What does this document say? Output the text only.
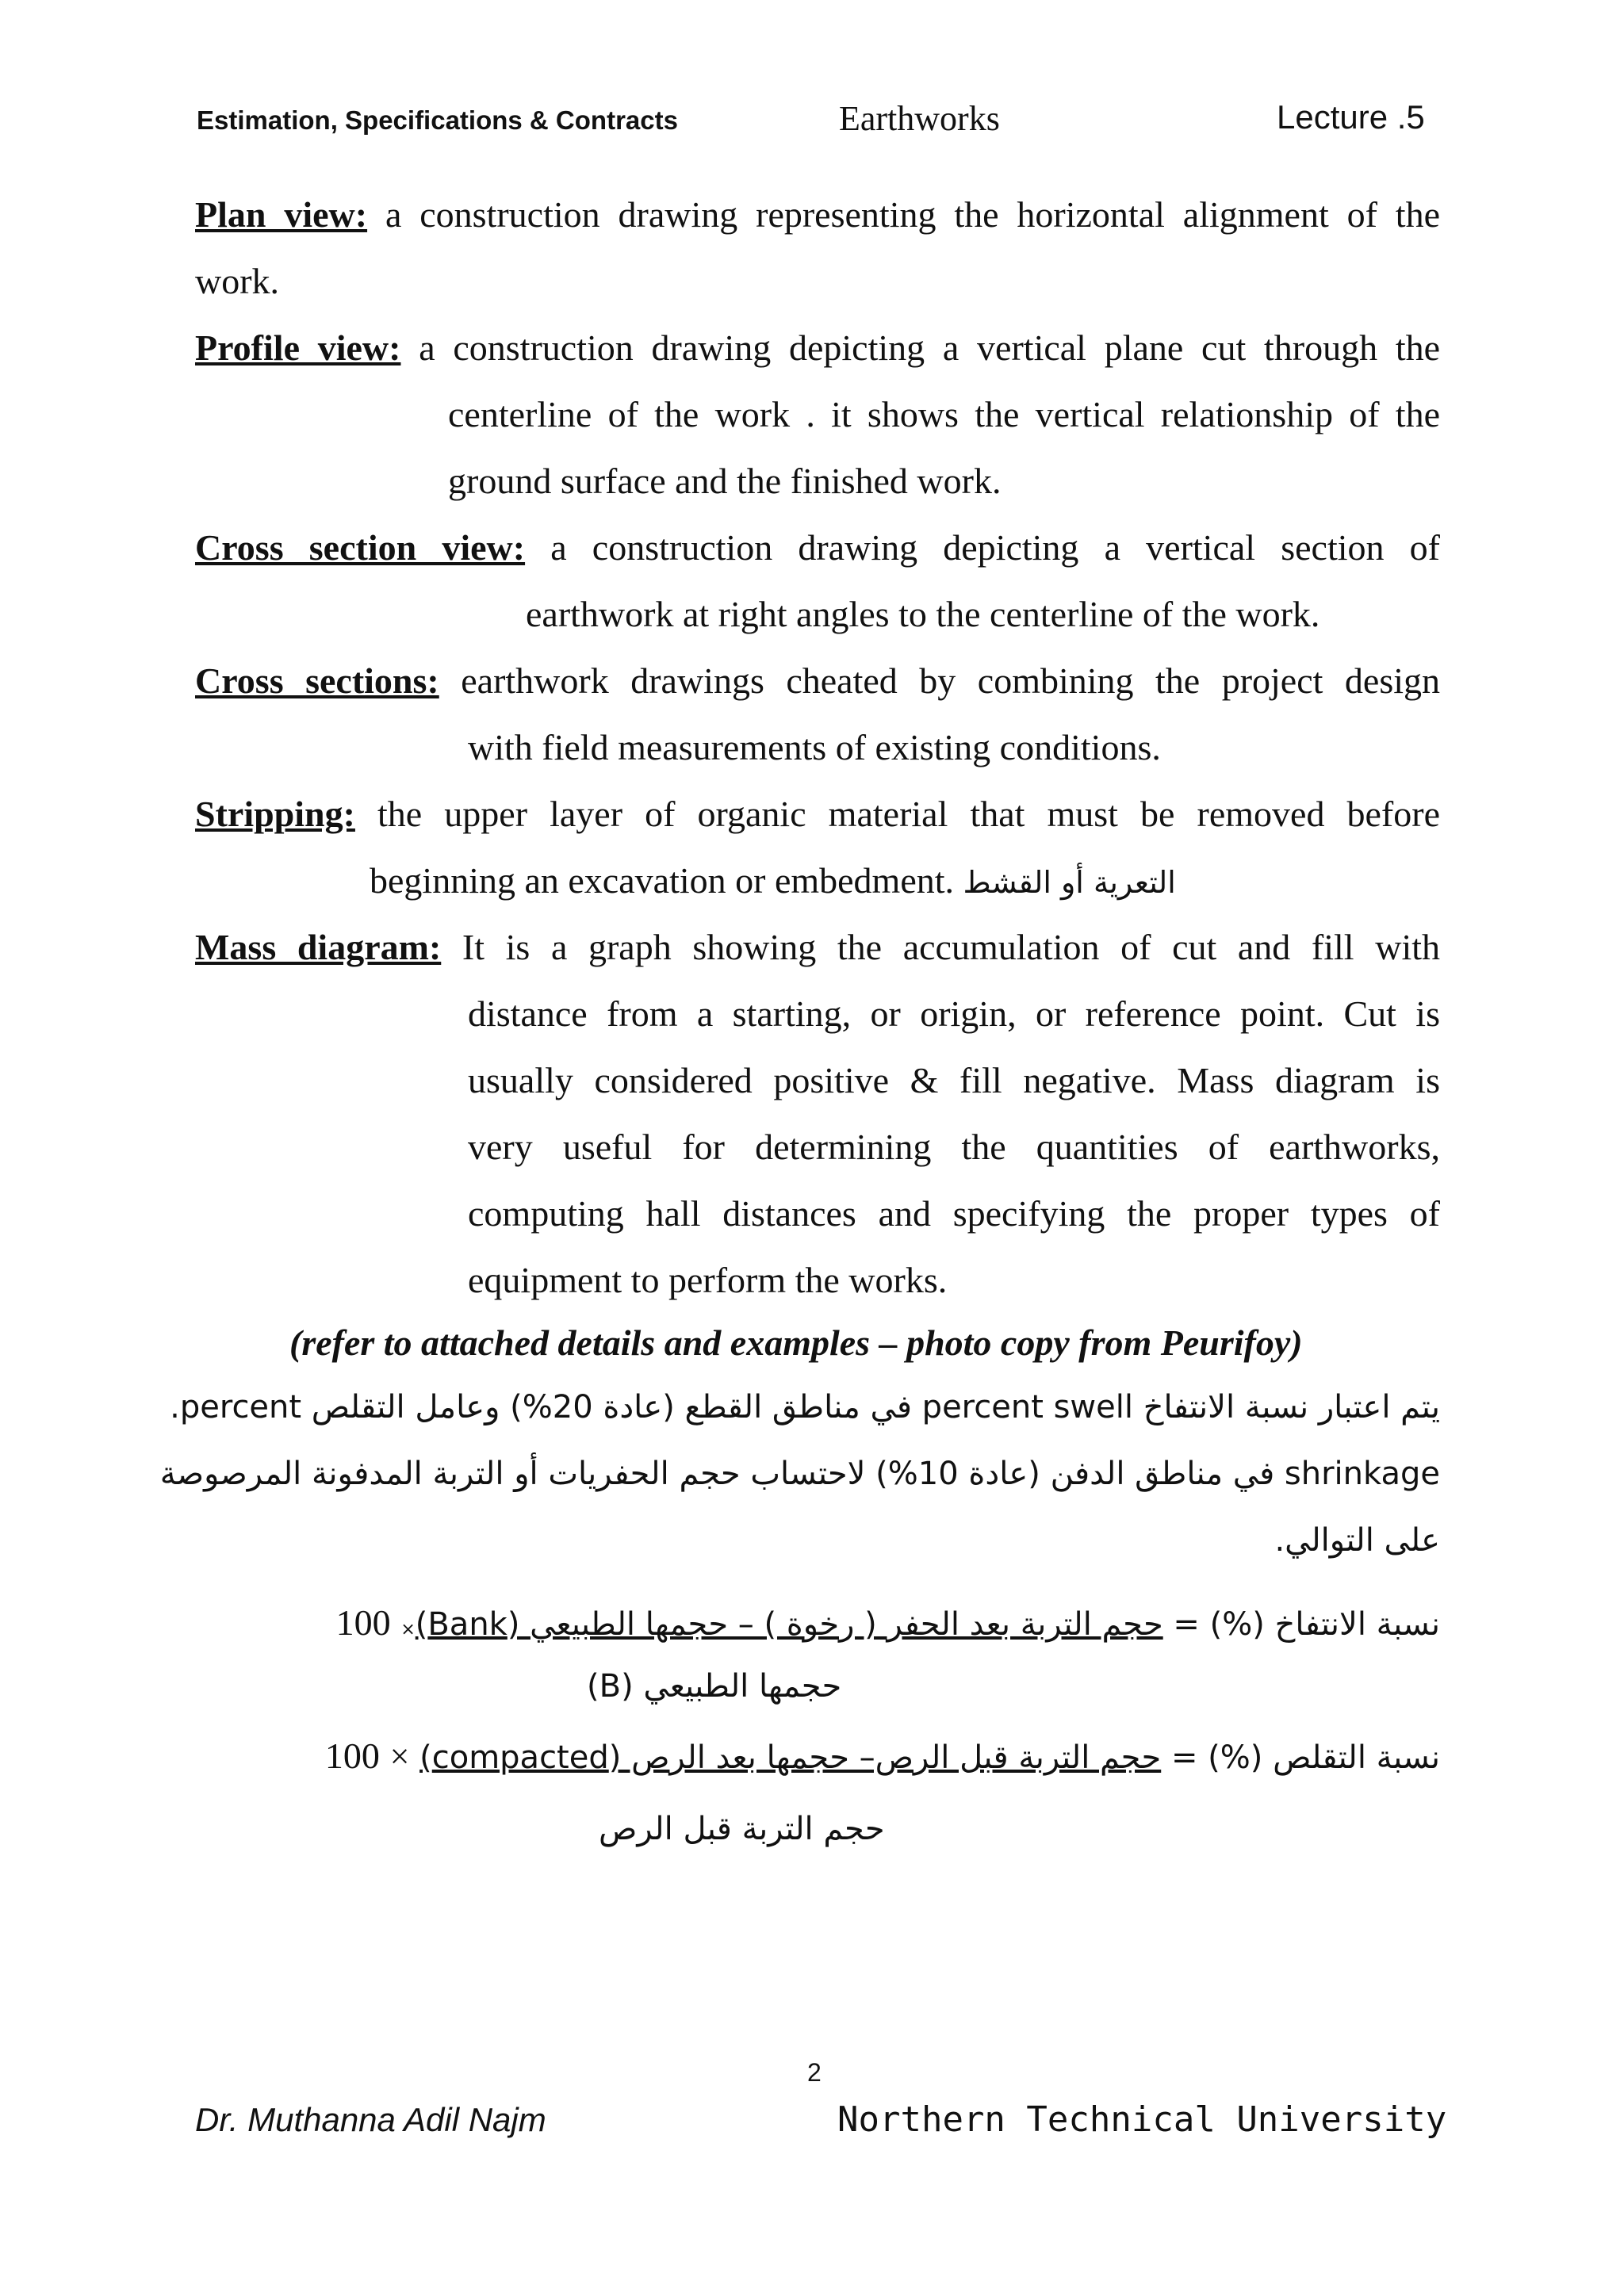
Estimation, Specifications & Contracts	Earthworks	Lecture .5
Plan view: a construction drawing representing the horizontal alignment of the
work.
Profile view: a construction drawing depicting a vertical plane cut through the
centerline of the work . it shows the vertical relationship of the
ground surface and the finished work.
Cross section view: a construction drawing depicting a vertical section of
earthwork at right angles to the centerline of the work.
Cross sections: earthwork drawings cheated by combining the project design
with field measurements of existing conditions.
Stripping: the upper layer of organic material that must be removed before
beginning an excavation or embedment. التعرية أو القشط
Mass diagram: It is a graph showing the accumulation of cut and fill with
distance from a starting, or origin, or reference point. Cut is
usually considered positive & fill negative. Mass diagram is
very useful for determining the quantities of earthworks,
computing hall distances and specifying the proper types of
equipment to perform the works.
(refer to attached details and examples – photo copy from Peurifoy)
يتم اعتبار نسبة الانتفاخ percent swell في مناطق القطع (عادة 20%) وعامل التقلص percent.
shrinkage في مناطق الدفن (عادة 10%) لاحتساب حجم الحفريات أو التربة المدفونة المرصوصة
على التوالي.
نسبة الانتفاخ (%) = حجم التربة بعد الحفر ( رخوة ) – حجمها الطبيعي (Bank)× 100
حجمها الطبيعي (B)
نسبة التقلص (%) = حجم التربة قبل الرص– حجمها بعد الرص (compacted) × 100
حجم التربة قبل الرص
2
Dr. Muthanna Adil Najm	Northern Technical University
